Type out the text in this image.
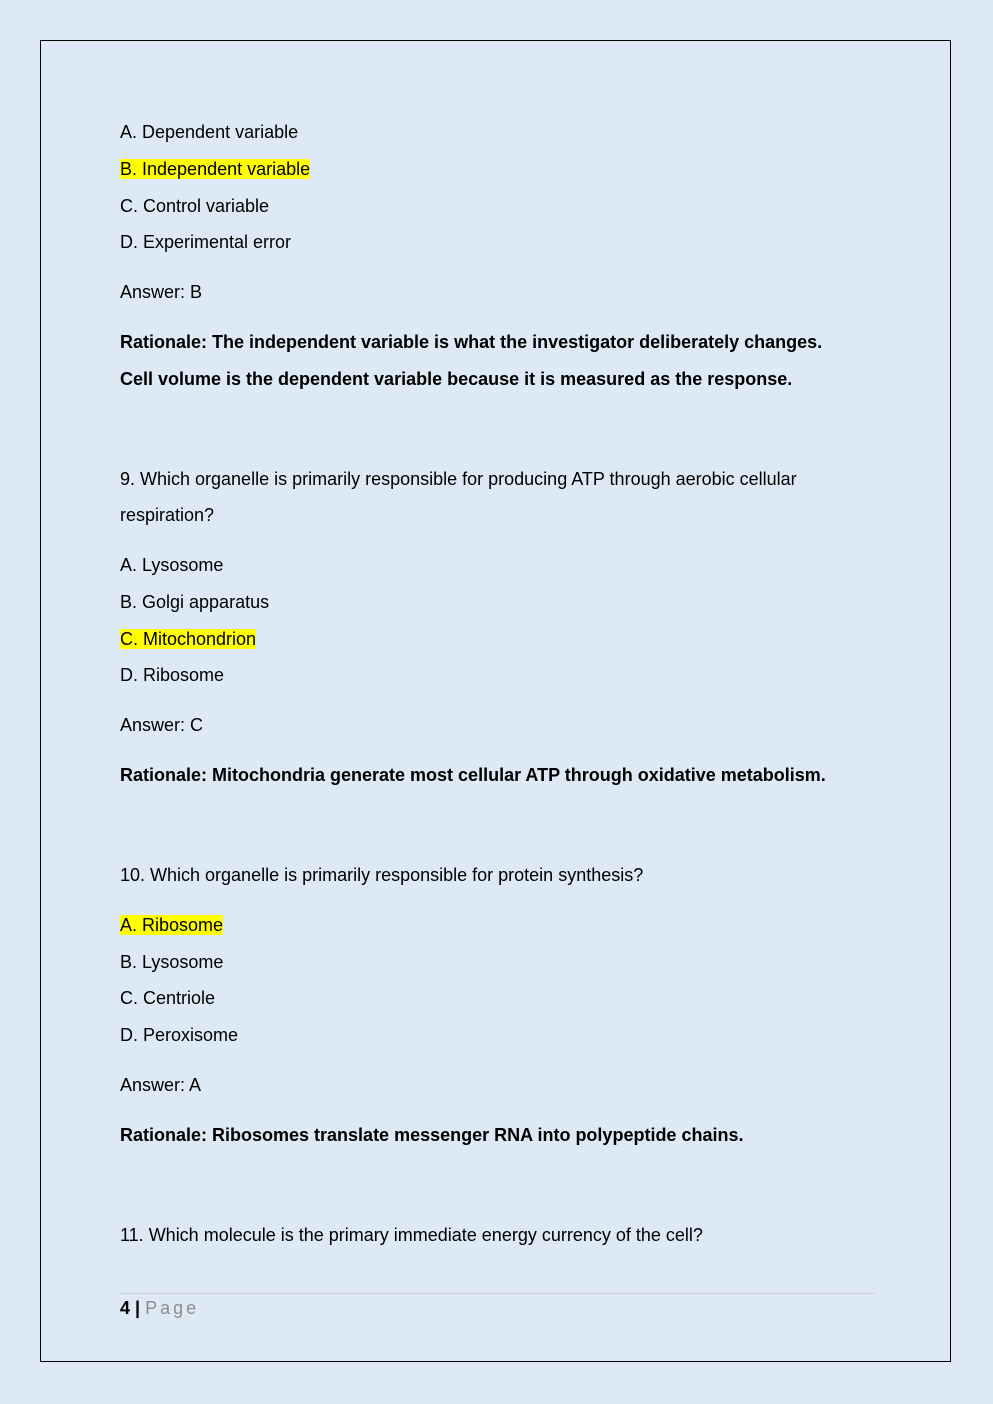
A. Dependent variable
B. Independent variable
C. Control variable
D. Experimental error
Answer: B
Rationale: The independent variable is what the investigator deliberately changes.
Cell volume is the dependent variable because it is measured as the response.
9. Which organelle is primarily responsible for producing ATP through aerobic cellular
respiration?
A. Lysosome
B. Golgi apparatus
C. Mitochondrion
D. Ribosome
Answer: C
Rationale: Mitochondria generate most cellular ATP through oxidative metabolism.
10. Which organelle is primarily responsible for protein synthesis?
A. Ribosome
B. Lysosome
C. Centriole
D. Peroxisome
Answer: A
Rationale: Ribosomes translate messenger RNA into polypeptide chains.
11. Which molecule is the primary immediate energy currency of the cell?
4 | Page
